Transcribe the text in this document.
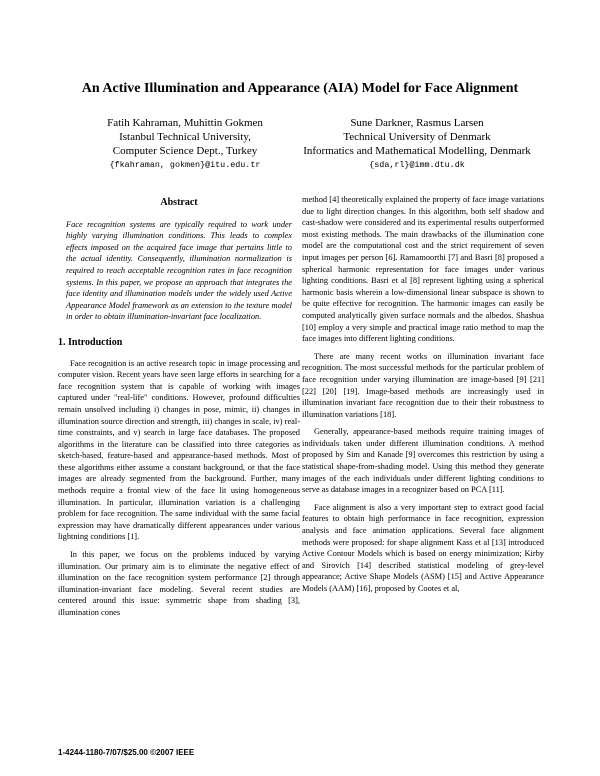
An Active Illumination and Appearance (AIA) Model for Face Alignment
Fatih Kahraman, Muhittin Gokmen
Istanbul Technical University,
Computer Science Dept., Turkey
{fkahraman, gokmen}@itu.edu.tr
Sune Darkner, Rasmus Larsen
Technical University of Denmark
Informatics and Mathematical Modelling, Denmark
{sda,rl}@imm.dtu.dk
Abstract
Face recognition systems are typically required to work under highly varying illumination conditions. This leads to complex effects imposed on the acquired face image that pertains little to the actual identity. Consequently, illumination normalization is required to reach acceptable recognition rates in face recognition systems. In this paper, we propose an approach that integrates the face identity and illumination models under the widely used Active Appearance Model framework as an extension to the texture model in order to obtain illumination-invariant face localization.
1. Introduction

Face recognition is an active research topic in image processing and computer vision. Recent years have seen large efforts in searching for a face recognition system that is capable of working with images captured under "real-life" conditions. However, profound difficulties remain unsolved including i) changes in pose, mimic, ii) changes in illumination source direction and strength, iii) changes in scale, iv) real-time constraints, and v) search in large face databases. The proposed algorithms in the literature can be classified into three categories as sketch-based, feature-based and appearance-based methods. Most of these algorithms either assume a constant background, or that the face images are already segmented from the background. Further, many methods require a frontal view of the face lit using homogeneous illumination. In particular, illumination variation is a challenging problem for face recognition. The same individual with the same facial expression may have dramatically different appearances under various lightning conditions [1].

In this paper, we focus on the problems induced by varying illumination. Our primary aim is to eliminate the negative effect of illumination on the face recognition system performance [2] through illumination-invariant face modeling. Several recent studies are centered around this issue: symmetric shape from shading [3], illumination cones

method [4] theoretically explained the property of face image variations due to light direction changes. In this algorithm, both self shadow and cast-shadow were considered and its experimental results outperformed most existing methods. The main drawbacks of the illumination cone model are the computational cost and the strict requirement of seven input images per person [6]. Ramamoorthi [7] and Basri [8] proposed a spherical harmonic representation for face images under various lighting conditions. Basri et al [8] represent lighting using a spherical harmonic basis wherein a low-dimensional linear subspace is shown to be quite effective for recognition. The harmonic images can easily be computed analytically given surface normals and the albedos. Shashua [10] employ a very simple and practical image ratio method to map the face images into different lighting conditions.

There are many recent works on illumination invariant face recognition. The most successful methods for the particular problem of face recognition under varying illumination are image-based [9] [21] [22] [20] [19]. Image-based methods are increasingly used in illumination invariant face recognition due to their their robustness to illumination variations [18].

Generally, appearance-based methods require training images of individuals taken under different illumination conditions. A method proposed by Sim and Kanade [9] overcomes this restriction by using a statistical shape-from-shading model. Using this method they generate images of the each individuals under different lighting conditions to serve as database images in a recognizer based on PCA [11].

Face alignment is also a very important step to extract good facial features to obtain high performance in face recognition, expression analysis and face animation applications. Several face alignment methods were proposed: for shape alignment Kass et al [13] introduced Active Contour Models which is based on energy minimization; Kirby and Sirovich [14] described statistical modeling of grey-level appearance; Active Shape Models (ASM) [15] and Active Appearance Models (AAM) [16], proposed by Cootes et al,

1-4244-1180-7/07/$25.00 ©2007 IEEE
